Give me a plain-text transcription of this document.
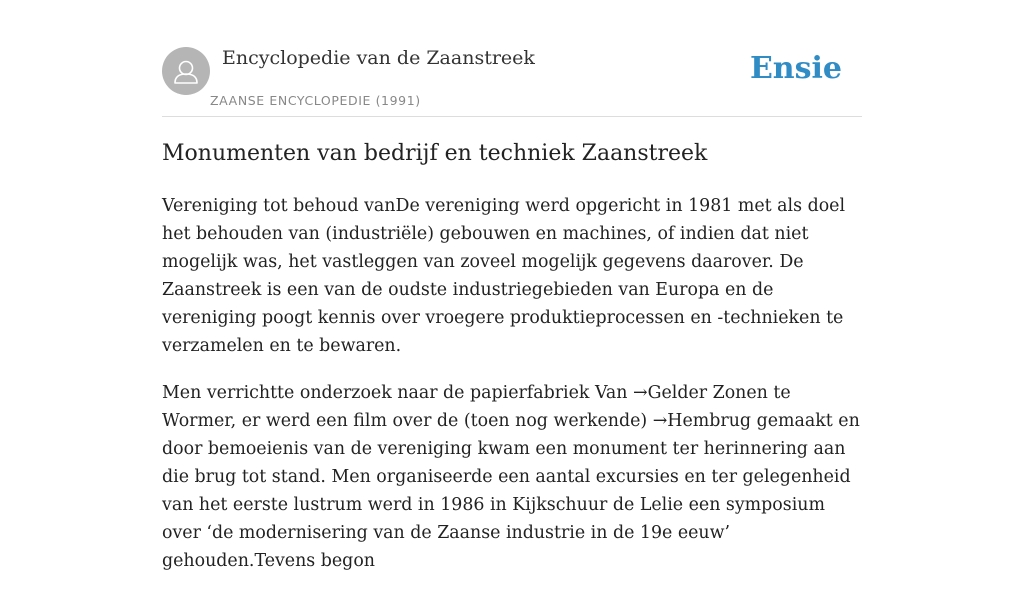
Encyclopedie van de Zaanstreek
ZAANSE ENCYCLOPEDIE (1991)
Ensie
Monumenten van bedrijf en techniek Zaanstreek

Vereniging tot behoud vanDe vereniging werd opgericht in 1981 met als doel het behouden van (industriële) gebouwen en machines, of indien dat niet mogelijk was, het vastleggen van zoveel mogelijk gegevens daarover. De Zaanstreek is een van de oudste industriegebieden van Europa en de vereniging poogt kennis over vroegere produktieprocessen en -technieken te verzamelen en te bewaren.

Men verrichtte onderzoek naar de papierfabriek Van →Gelder Zonen te Wormer, er werd een film over de (toen nog werkende) →Hembrug gemaakt en door bemoeienis van de vereniging kwam een monument ter herinnering aan die brug tot stand. Men organiseerde een aantal excursies en ter gelegenheid van het eerste lustrum werd in 1986 in Kijkschuur de Lelie een symposium over ‘de modernisering van de Zaanse industrie in de 19e eeuw’ gehouden.Tevens begon
